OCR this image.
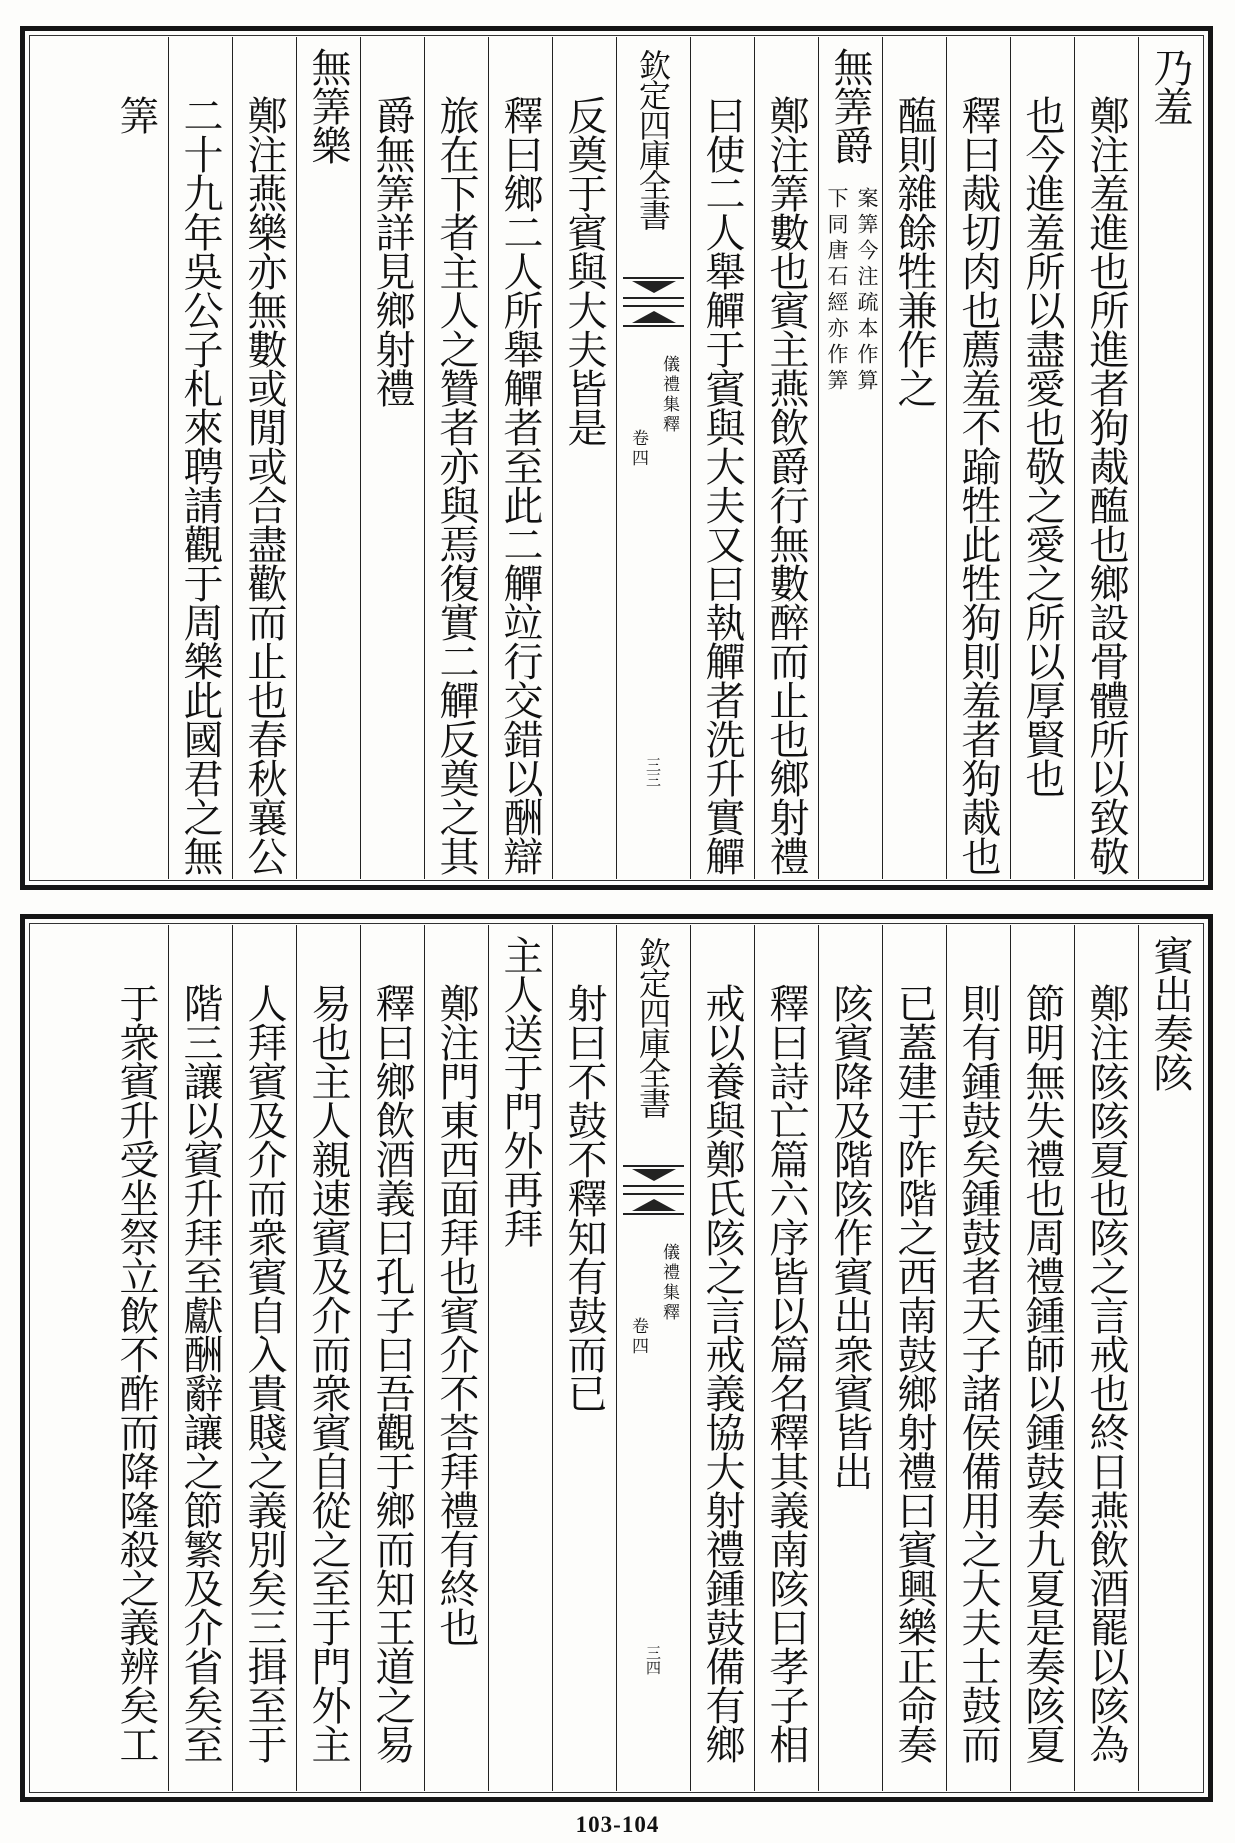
乃羞
鄭注羞進也所進者狗胾醢也鄉設骨體所以致敬
也今進羞所以盡愛也敬之愛之所以厚賢也
釋曰胾切肉也薦羞不踰牲此牲狗則羞者狗胾也
醢則雜餘牲兼作之
無筭爵
案筭今注疏本作算
下同唐石經亦作筭
鄭注筭數也賓主燕飲爵行無數醉而止也鄉射禮
曰使二人舉觶于賓與大夫又曰執觶者洗升實觶
欽定四庫全書
儀禮集釋
卷四
三三
反奠于賓與大夫皆是
釋曰鄉二人所舉觶者至此二觶竝行交錯以酬辯
旅在下者主人之贊者亦與焉復實二觶反奠之其
爵無筭詳見鄉射禮
無筭樂
鄭注燕樂亦無數或閒或合盡歡而止也春秋襄公
二十九年吳公子札來聘請觀于周樂此國君之無
筭
賓出奏陔
鄭注陔陔夏也陔之言戒也終日燕飲酒罷以陔為
節明無失禮也周禮鍾師以鍾鼓奏九夏是奏陔夏
則有鍾鼓矣鍾鼓者天子諸侯備用之大夫士鼓而
已蓋建于阼階之西南鼓鄉射禮曰賓興樂正命奏
陔賓降及階陔作賓出衆賓皆出
釋曰詩亡篇六序皆以篇名釋其義南陔曰孝子相
戒以養與鄭氏陔之言戒義協大射禮鍾鼓備有鄉
欽定四庫全書
儀禮集釋
卷四
三四
射曰不鼓不釋知有鼓而已
主人送于門外再拜
鄭注門東西面拜也賓介不荅拜禮有終也
釋曰鄉飲酒義曰孔子曰吾觀于鄉而知王道之易
易也主人親速賓及介而衆賓自從之至于門外主
人拜賓及介而衆賓自入貴賤之義別矣三揖至于
階三讓以賓升拜至獻酬辭讓之節繁及介省矣至
于衆賓升受坐祭立飲不酢而降隆殺之義辨矣工
103-104
